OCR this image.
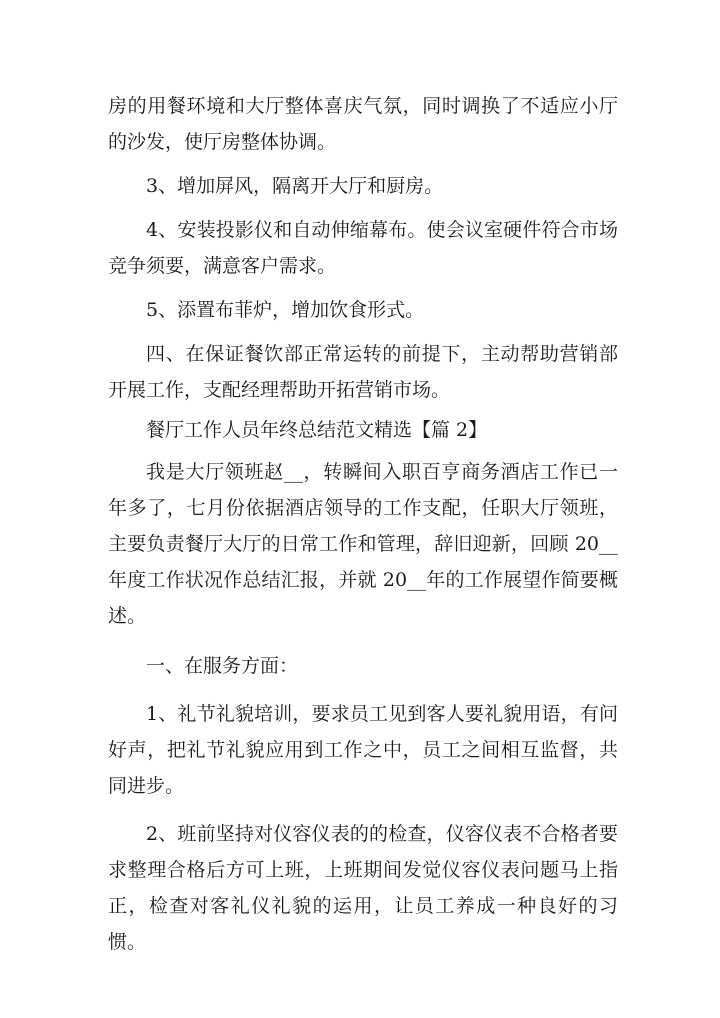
房的用餐环境和大厅整体喜庆气氛，同时调换了不适应小厅的沙发，使厅房整体协调。

3、增加屏风，隔离开大厅和厨房。

4、安装投影仪和自动伸缩幕布。使会议室硬件符合市场竞争须要，满意客户需求。

5、添置布菲炉，增加饮食形式。

四、在保证餐饮部正常运转的前提下，主动帮助营销部开展工作，支配经理帮助开拓营销市场。

餐厅工作人员年终总结范文精选【篇 2】

我是大厅领班赵__，转瞬间入职百亨商务酒店工作已一年多了，七月份依据酒店领导的工作支配，任职大厅领班，主要负责餐厅大厅的日常工作和管理，辞旧迎新，回顾 20__年度工作状况作总结汇报，并就 20__年的工作展望作简要概述。

一、在服务方面：

1、礼节礼貌培训，要求员工见到客人要礼貌用语，有问好声，把礼节礼貌应用到工作之中，员工之间相互监督，共同进步。

2、班前坚持对仪容仪表的的检查，仪容仪表不合格者要求整理合格后方可上班，上班期间发觉仪容仪表问题马上指正，检查对客礼仪礼貌的运用，让员工养成一种良好的习惯。
